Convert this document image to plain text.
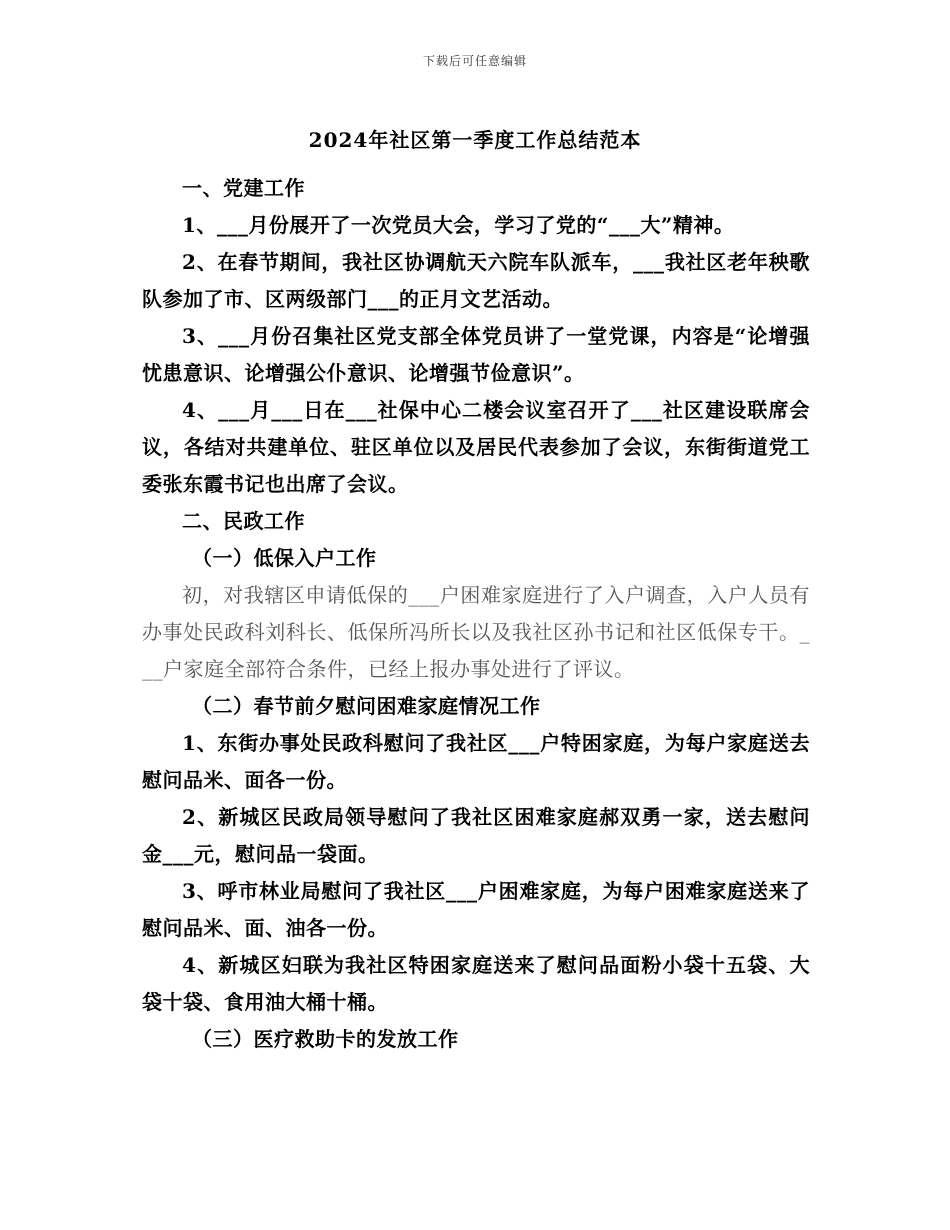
下载后可任意编辑
2024年社区第一季度工作总结范本

一、党建工作

1、___月份展开了一次党员大会，学习了党的“___大”精神。

2、在春节期间，我社区协调航天六院车队派车，___我社区老年秧歌队参加了市、区两级部门___的正月文艺活动。

3、___月份召集社区党支部全体党员讲了一堂党课，内容是“论增强忧患意识、论增强公仆意识、论增强节俭意识”。

4、___月___日在___社保中心二楼会议室召开了___社区建设联席会议，各结对共建单位、驻区单位以及居民代表参加了会议，东街街道党工委张东霞书记也出席了会议。

二、民政工作

（一）低保入户工作

初，对我辖区申请低保的___户困难家庭进行了入户调查，入户人员有办事处民政科刘科长、低保所冯所长以及我社区孙书记和社区低保专干。___户家庭全部符合条件，已经上报办事处进行了评议。

（二）春节前夕慰问困难家庭情况工作

1、东街办事处民政科慰问了我社区___户特困家庭，为每户家庭送去慰问品米、面各一份。

2、新城区民政局领导慰问了我社区困难家庭郝双勇一家，送去慰问金___元，慰问品一袋面。

3、呼市林业局慰问了我社区___户困难家庭，为每户困难家庭送来了慰问品米、面、油各一份。

4、新城区妇联为我社区特困家庭送来了慰问品面粉小袋十五袋、大袋十袋、食用油大桶十桶。

（三）医疗救助卡的发放工作
